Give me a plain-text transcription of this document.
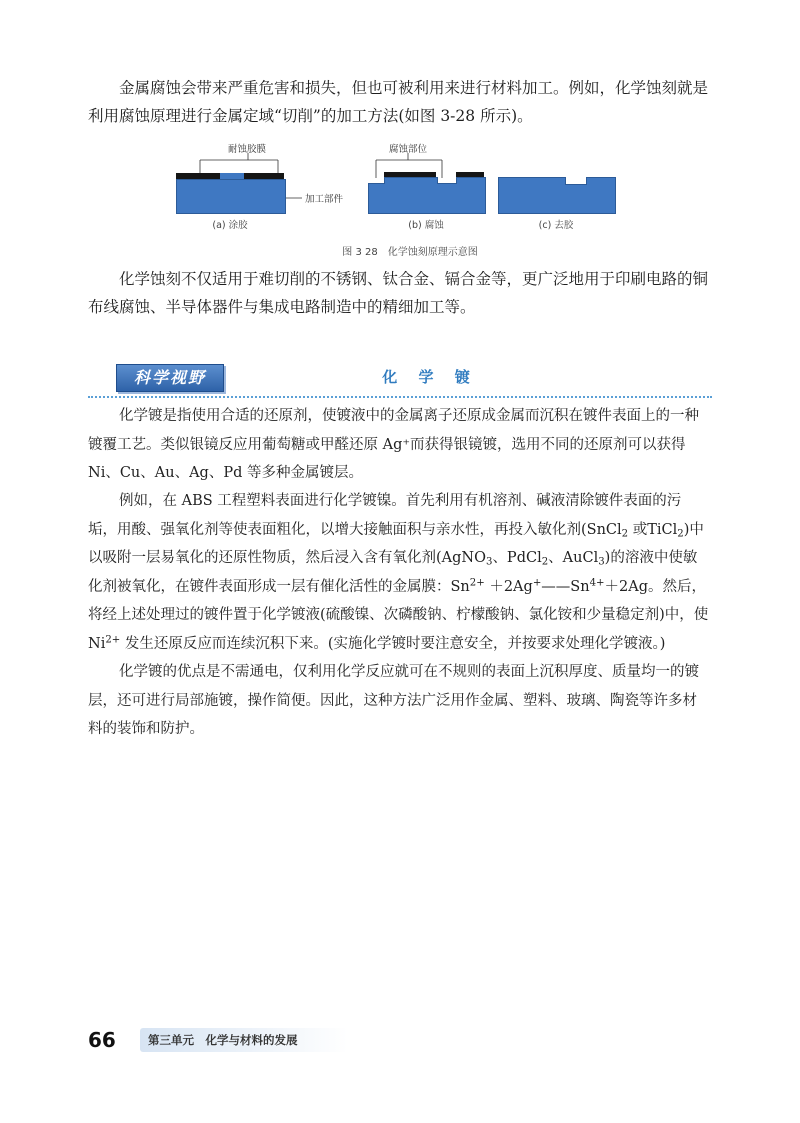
金属腐蚀会带来严重危害和损失，但也可被利用来进行材料加工。例如，化学蚀刻就是利用腐蚀原理进行金属定域“切削”的加工方法(如图 3-28 所示)。

耐蚀胶膜
加工部件
(a) 涂胶
腐蚀部位
(b) 腐蚀	(c) 去胶
图 3 28　化学蚀刻原理示意图

化学蚀刻不仅适用于难切削的不锈钢、钛合金、镉合金等，更广泛地用于印刷电路的铜布线腐蚀、半导体器件与集成电路制造中的精细加工等。

科学视野	化 学 镀

化学镀是指使用合适的还原剂，使镀液中的金属离子还原成金属而沉积在镀件表面上的一种镀覆工艺。类似银镜反应用葡萄糖或甲醛还原 Ag⁺而获得银镜镀，选用不同的还原剂可以获得 Ni、Cu、Au、Ag、Pd 等多种金属镀层。

例如，在 ABS 工程塑料表面进行化学镀镍。首先利用有机溶剂、碱液清除镀件表面的污垢，用酸、强氧化剂等使表面粗化，以增大接触面积与亲水性，再投入敏化剂(SnCl$_2$ 或TiCl$_2$)中以吸附一层易氧化的还原性物质，然后浸入含有氧化剂(AgNO$_3$、PdCl$_2$、AuCl$_3$)的溶液中使敏化剂被氧化，在镀件表面形成一层有催化活性的金属膜：$Sn^{2+}$ $+2Ag^+——Sn^{4+}+2Ag$。然后，将经上述处理过的镀件置于化学镀液(硫酸镍、次磷酸钠、柠檬酸钠、氯化铵和少量稳定剂)中，使 $Ni^{2+}$ 发生还原反应而连续沉积下来。(实施化学镀时要注意安全，并按要求处理化学镀液。)

化学镀的优点是不需通电，仅利用化学反应就可在不规则的表面上沉积厚度、质量均一的镀层，还可进行局部施镀，操作简便。因此，这种方法广泛用作金属、塑料、玻璃、陶瓷等许多材料的装饰和防护。

66	第三单元　化学与材料的发展
